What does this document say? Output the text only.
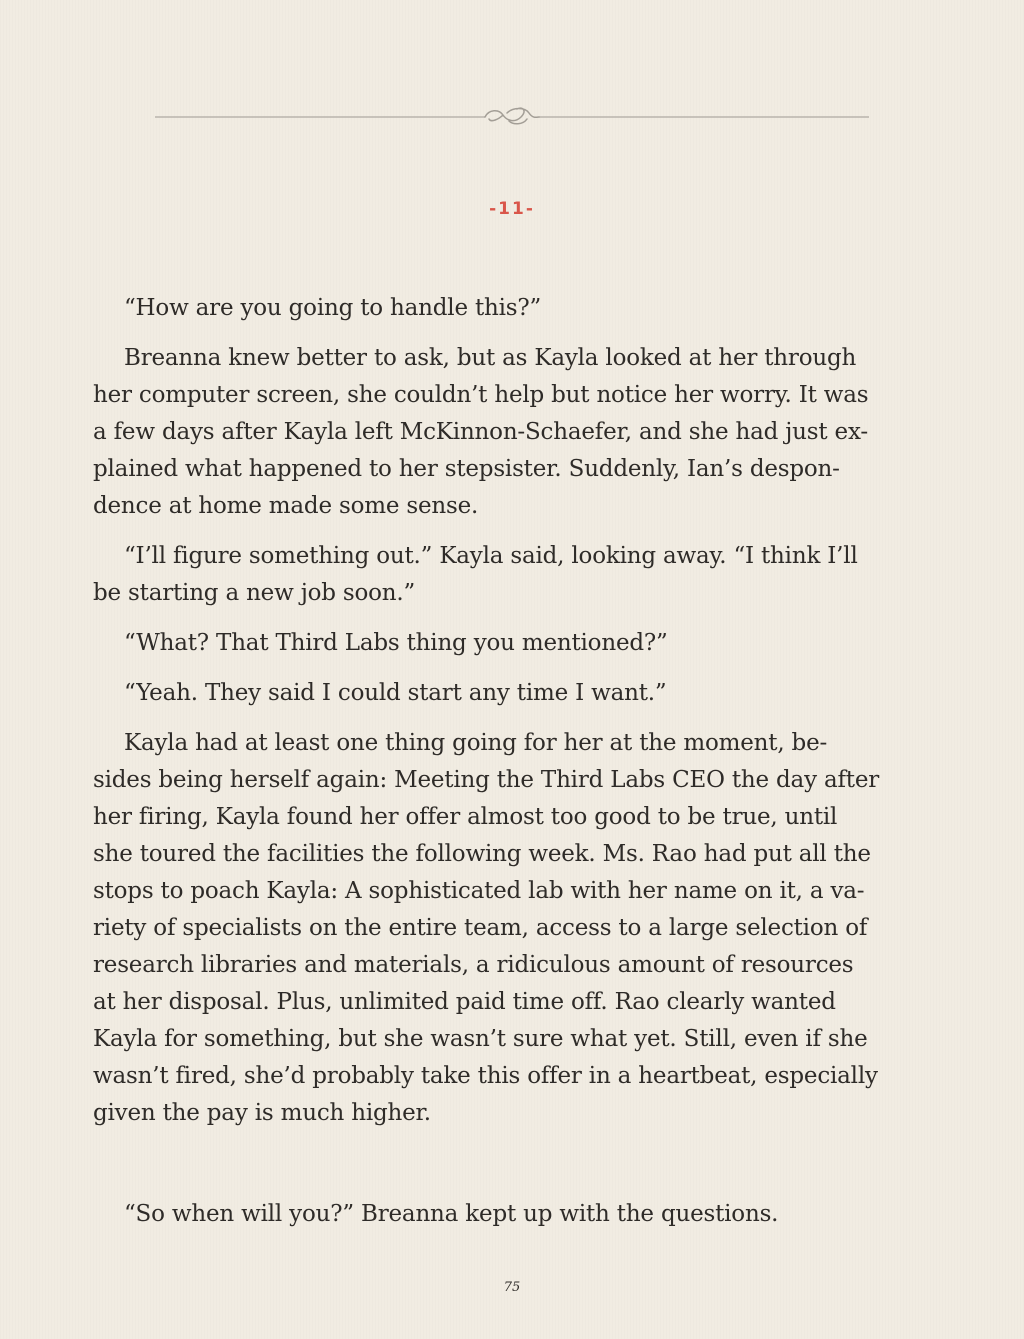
-11-

“How are you going to handle this?”

Breanna knew better to ask, but as Kayla looked at her through
her computer screen, she couldn’t help but notice her worry. It was
a few days after Kayla left McKinnon-Schaefer, and she had just ex-
plained what happened to her stepsister. Suddenly, Ian’s despon-
dence at home made some sense.

“I’ll figure something out.” Kayla said, looking away. “I think I’ll
be starting a new job soon.”

“What? That Third Labs thing you mentioned?”

“Yeah. They said I could start any time I want.”

Kayla had at least one thing going for her at the moment, be-
sides being herself again: Meeting the Third Labs CEO the day after
her firing, Kayla found her offer almost too good to be true, until
she toured the facilities the following week. Ms. Rao had put all the
stops to poach Kayla: A sophisticated lab with her name on it, a va-
riety of specialists on the entire team, access to a large selection of
research libraries and materials, a ridiculous amount of resources
at her disposal. Plus, unlimited paid time off. Rao clearly wanted
Kayla for something, but she wasn’t sure what yet. Still, even if she
wasn’t fired, she’d probably take this offer in a heartbeat, especially
given the pay is much higher.

“So when will you?” Breanna kept up with the questions.

75
